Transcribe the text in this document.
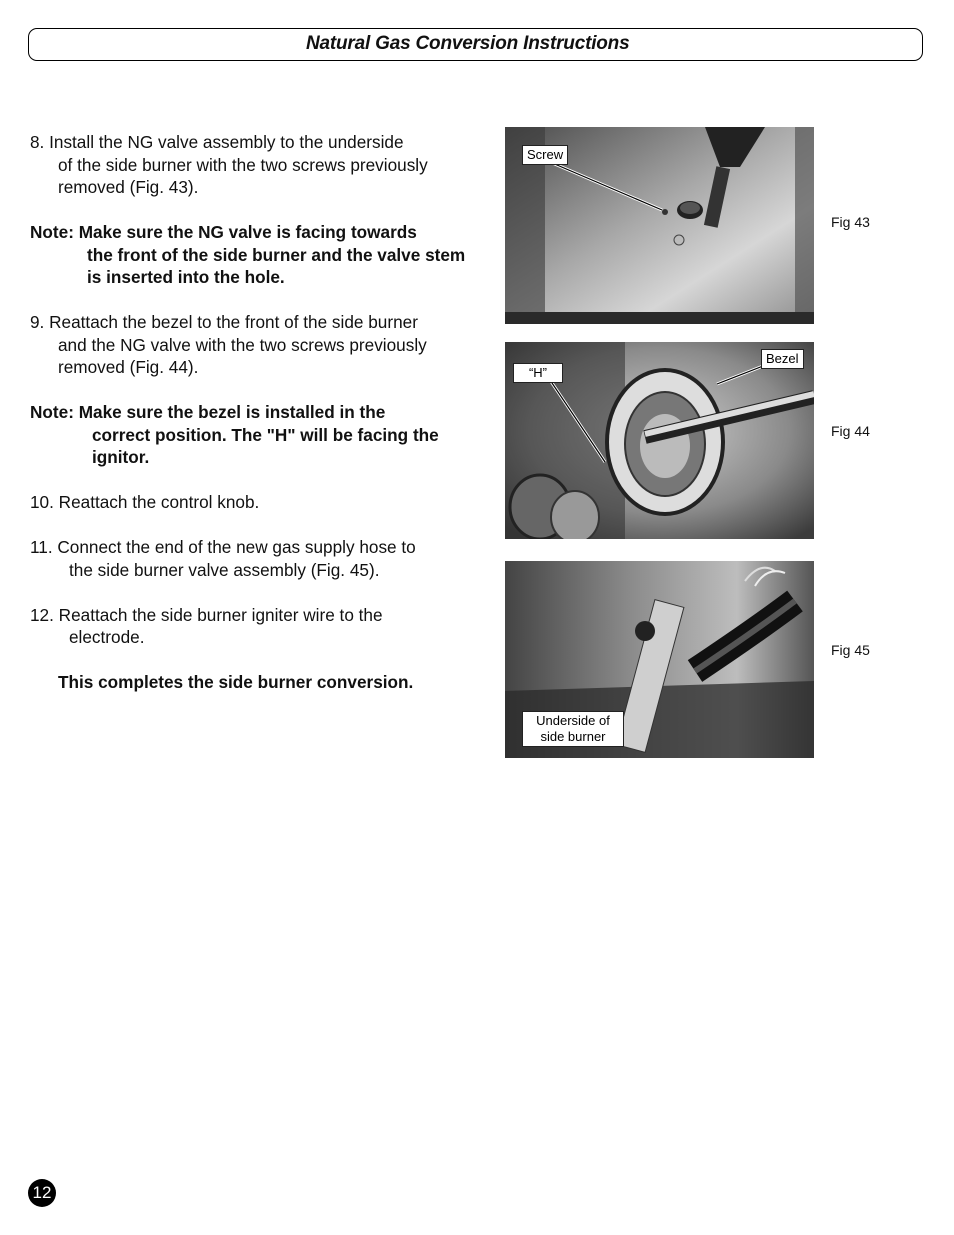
Natural Gas Conversion Instructions
8. Install the NG valve assembly to the underside
of the side burner with the two screws previously removed (Fig. 43).
Note: Make sure the NG valve is facing towards
the front of the side burner and the valve stem is inserted into the hole.
9. Reattach the bezel to the front of the side burner
and the NG valve with the two screws previously removed (Fig. 44).
Note: Make sure the bezel is installed in the
correct position. The "H" will be facing the ignitor.
10. Reattach the control knob.
11. Connect the end of the new gas supply hose to
the side burner valve assembly (Fig. 45).
12. Reattach the side burner igniter wire to the
electrode.
This completes the side burner conversion.
Screw
Fig 43
“H”
Bezel
Fig 44
Underside of side burner
Fig 45
12
